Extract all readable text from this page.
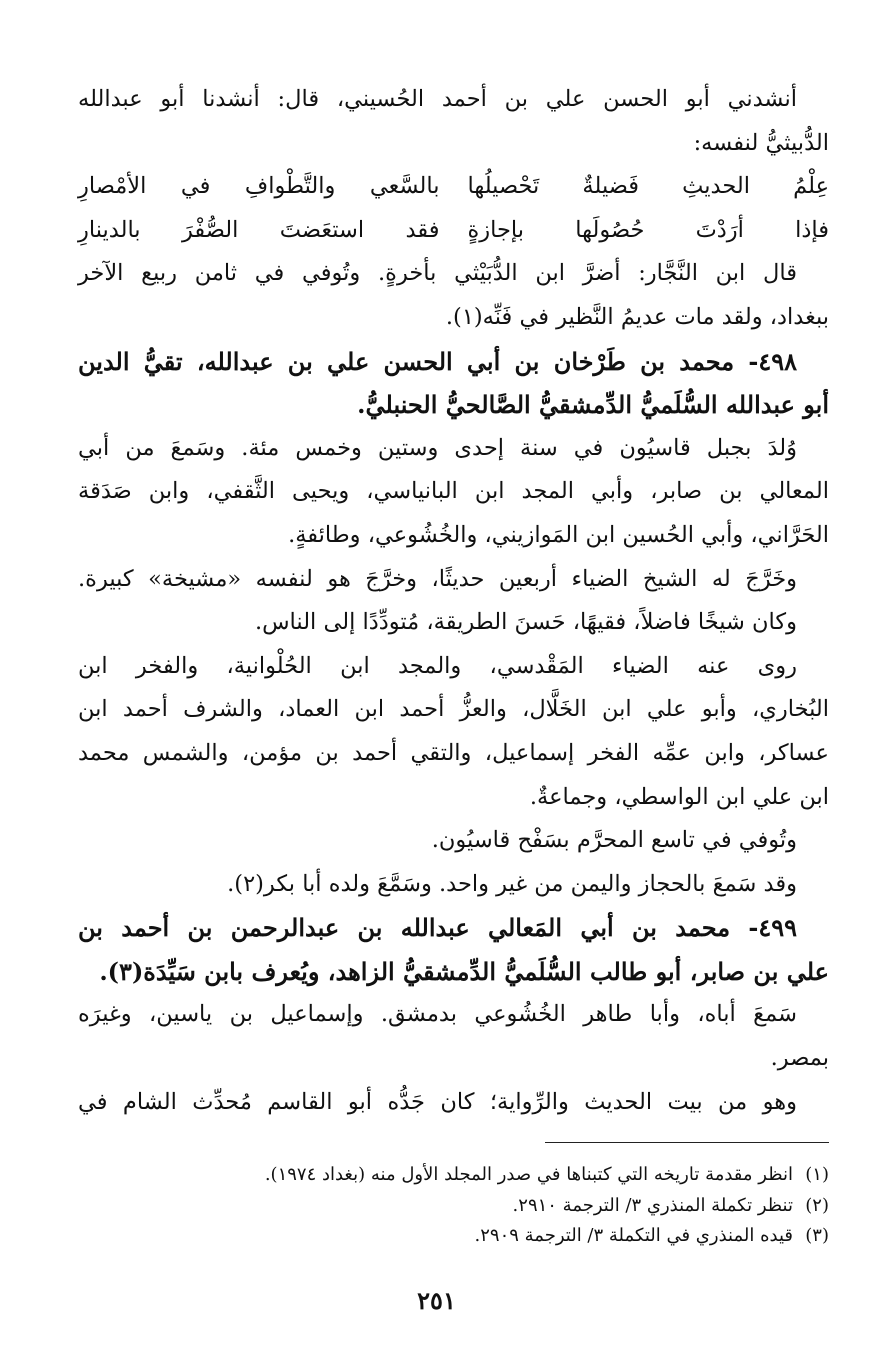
أنشدني أبو الحسن علي بن أحمد الحُسيني، قال: أنشدنا أبو عبدالله
الدُّبيثيُّ لنفسه:
عِلْمُ الحديثِ فَضيلةٌ تَحْصيلُها
بالسَّعي والتَّطْوافِ في الأمْصارِ
فإذا أرَدْتَ حُصُولَها بإجازةٍ
فقد استعَضتَ الصُّفْرَ بالدينارِ
قال ابن النَّجَّار: أضرَّ ابن الدُّبَيْثي بأخرةٍ. وتُوفي في ثامن ربيع الآخر
ببغداد، ولقد مات عديمُ النَّظير في فَنِّه(١).
٤٩٨- محمد بن طَرْخان بن أبي الحسن علي بن عبدالله، تقيُّ الدين
أبو عبدالله السُّلَميُّ الدِّمشقيُّ الصَّالحيُّ الحنبليُّ.
وُلدَ بجبل قاسيُون في سنة إحدى وستين وخمس مئة. وسَمعَ من أبي
المعالي بن صابر، وأبي المجد ابن البانياسي، ويحيى الثَّقفي، وابن صَدَقة
الحَرَّاني، وأبي الحُسين ابن المَوازيني، والخُشُوعي، وطائفةٍ.
وخَرَّجَ له الشيخ الضياء أربعين حديثًا، وخرَّجَ هو لنفسه «مشيخة» كبيرة.
وكان شيخًا فاضلاً، فقيهًا، حَسنَ الطريقة، مُتودِّدًا إلى الناس.
روى عنه الضياء المَقْدسي، والمجد ابن الحُلْوانية، والفخر ابن
البُخاري، وأبو علي ابن الخَلَّال، والعزُّ أحمد ابن العماد، والشرف أحمد ابن
عساكر، وابن عمِّه الفخر إسماعيل، والتقي أحمد بن مؤمن، والشمس محمد
ابن علي ابن الواسطي، وجماعةٌ.
وتُوفي في تاسع المحرَّم بسَفْح قاسيُون.
وقد سَمعَ بالحجاز واليمن من غير واحد. وسَمَّعَ ولده أبا بكر(٢).
٤٩٩- محمد بن أبي المَعالي عبدالله بن عبدالرحمن بن أحمد بن
علي بن صابر، أبو طالب السُّلَميُّ الدِّمشقيُّ الزاهد، ويُعرف بابن سَيِّدَة(٣).
سَمعَ أباه، وأبا طاهر الخُشُوعي بدمشق. وإسماعيل بن ياسين، وغيرَه
بمصر.
وهو من بيت الحديث والرِّواية؛ كان جَدُّه أبو القاسم مُحدِّث الشام في
(١)انظر مقدمة تاريخه التي كتبناها في صدر المجلد الأول منه (بغداد ١٩٧٤).
(٢)تنظر تكملة المنذري ٣/ الترجمة ٢٩١٠.
(٣)قيده المنذري في التكملة ٣/ الترجمة ٢٩٠٩.
٢٥١
